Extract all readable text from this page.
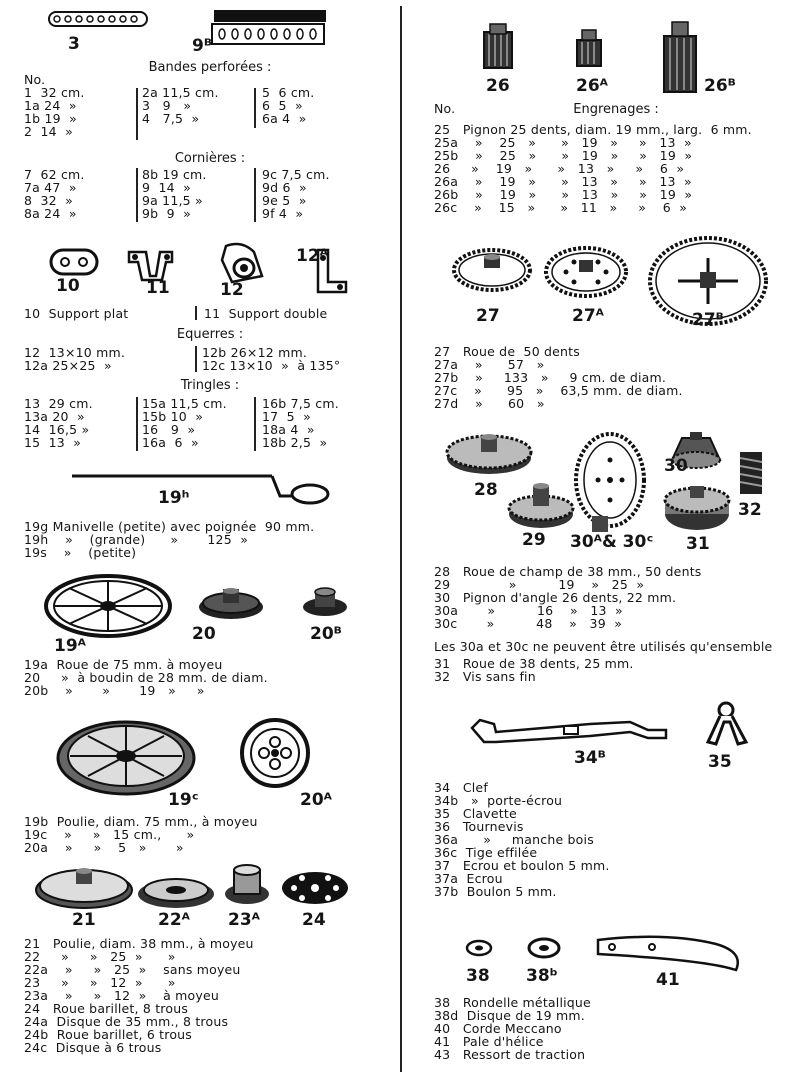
3	9ᴮ
Bandes perforées :
No.
1  32 cm.
1a 24  »
1b 19  »
2  14  »
2a 11,5 cm.
3   9   »
4   7,5  »
5  6 cm.
6  5  »
6a 4  »
Cornières :
7  62 cm.
7a 47  »
8  32  »
8a 24  »
8b 19 cm.
9  14  »
9a 11,5 »
9b  9  »
9c 7,5 cm.
9d 6  »
9e 5  »
9f 4  »
10	11	12
12ᴬ
10  Support plat	11  Support double
Equerres :
12  13×10 mm.
12a 25×25  »
12b 26×12 mm.
12c 13×10  »  à 135°
Tringles :
13  29 cm.
13a 20  »
14  16,5 »
15  13  »
15a 11,5 cm.
15b 10  »
16   9  »
16a  6  »
16b 7,5 cm.
17  5  »
18a 4  »
18b 2,5  »
19ʰ
19g Manivelle (petite) avec poignée  90 mm.
19h    »    (grande)      »       125  »
19s    »    (petite)
19ᴬ
20	20ᴮ
19a  Roue de 75 mm. à moyeu
20     »  à boudin de 28 mm. de diam.
20b    »       »       19   »     »
19ᶜ	20ᴬ
19b  Poulie, diam. 75 mm., à moyeu
19c    »     »   15 cm.,      »
20a    »     »    5   »       »
21	22ᴬ 23ᴬ 24
21   Poulie, diam. 38 mm., à moyeu
22     »     »   25  »      »
22a    »     »   25  »    sans moyeu
23     »     »   12  »      »
23a    »     »   12  »    à moyeu
24   Roue barillet, 8 trous
24a  Disque de 35 mm., 8 trous
24b  Roue barillet, 6 trous
24c  Disque à 6 trous
26	26ᴬ	26ᴮ
No.	Engrenages :
25   Pignon 25 dents, diam. 19 mm., larg.  6 mm.
25a    »    25   »      »   19   »     »   13  »
25b    »    25   »      »   19   »     »   19  »
26     »    19   »      »   13   »     »    6  »
26a    »    19   »      »   13   »     »   13  »
26b    »    19   »      »   13   »     »   19  »
26c    »    15   »      »   11   »     »    6  »
27	27ᴬ	27ᴮ
27   Roue de  50 dents
27a    »      57   »
27b    »     133   »     9 cm. de diam.
27c    »      95   »    63,5 mm. de diam.
27d    »      60   »
28
29 30ᴬ& 30ᶜ
30
32
31
28   Roue de champ de 38 mm., 50 dents
29              »          19    »   25  »
30   Pignon d'angle 26 dents, 22 mm.
30a       »          16    »   13  »
30c       »          48    »   39  »
Les 30a et 30c ne peuvent être utilisés qu'ensemble
31   Roue de 38 dents, 25 mm.
32   Vis sans fin
34ᴮ	35
34   Clef
34b   »  porte-écrou
35   Clavette
36   Tournevis
36a      »     manche bois
36c  Tige effilée
37   Ecrou et boulon 5 mm.
37a  Ecrou
37b  Boulon 5 mm.
38 38ᵇ	41
38   Rondelle métallique
38d  Disque de 19 mm.
40   Corde Meccano
41   Pale d'hélice
43   Ressort de traction
